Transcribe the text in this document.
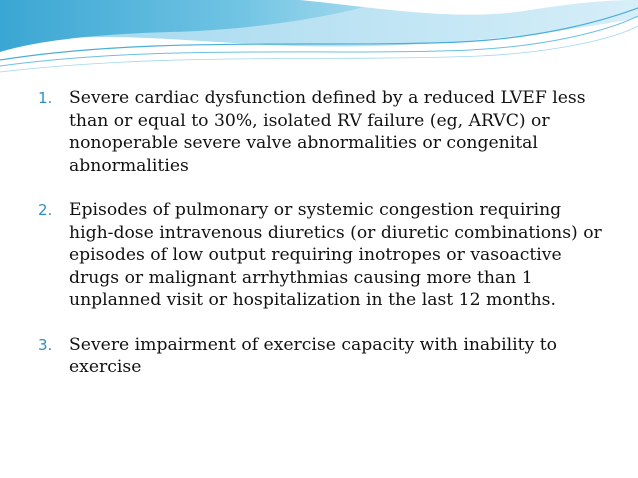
1. Severe cardiac dysfunction defined by a reduced LVEF less than or equal to 30%, isolated RV failure (eg, ARVC) or nonoperable severe valve abnormalities or congenital abnormalities
2. Episodes of pulmonary or systemic congestion requiring high-dose intravenous diuretics (or diuretic combinations) or episodes of low output requiring inotropes or vasoactive drugs or malignant arrhythmias causing more than 1 unplanned visit or hospitalization in the last 12 months.
3. Severe impairment of exercise capacity with inability to exercise
